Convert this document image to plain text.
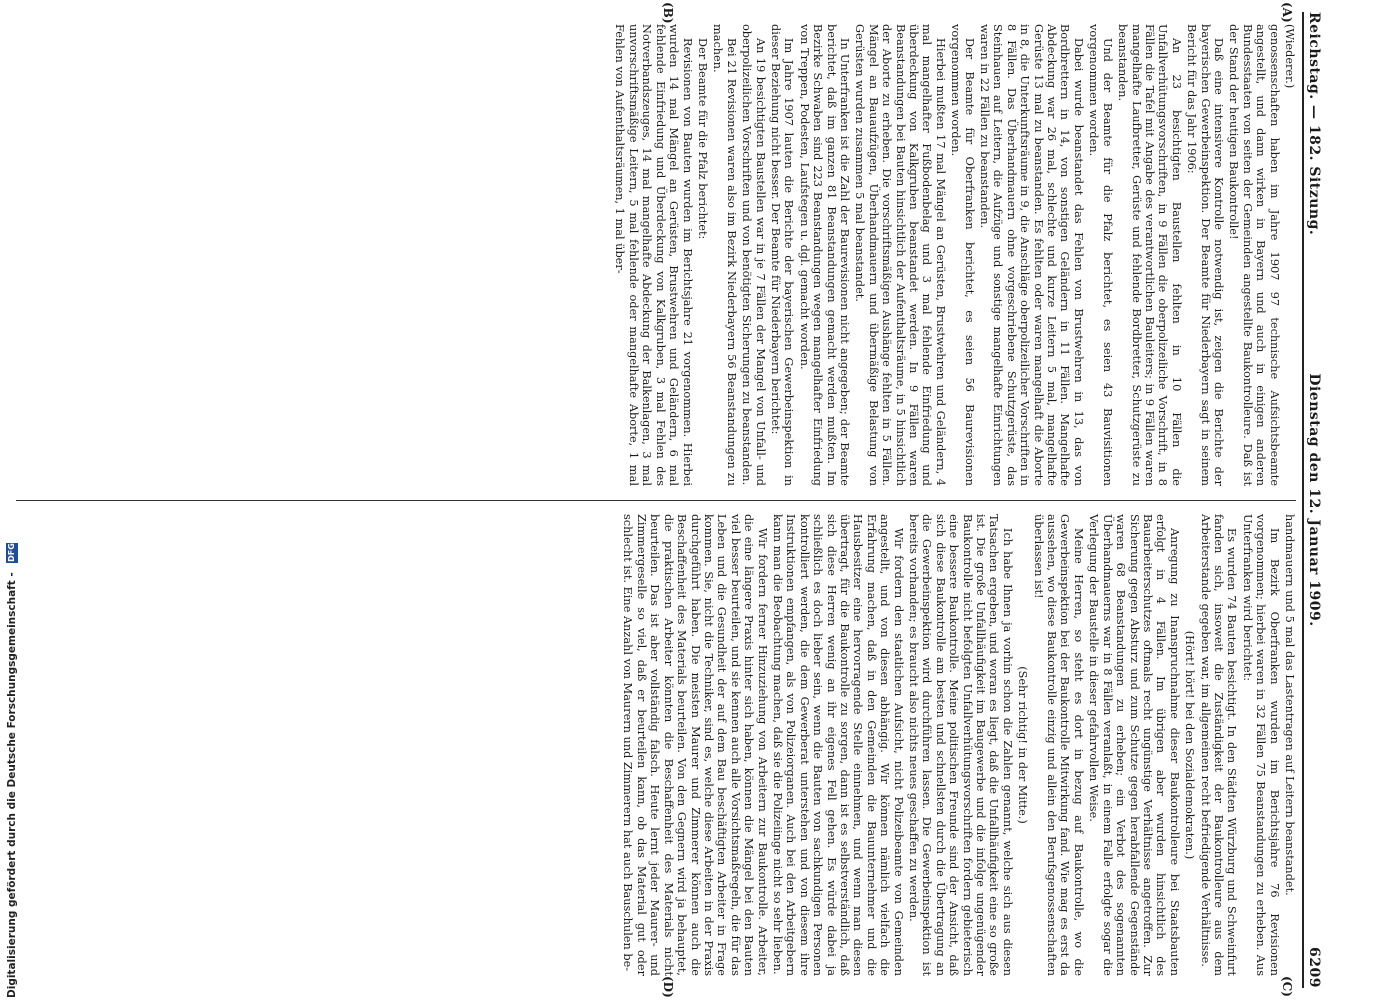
Reichstag. — 182. Sitzung.
Dienstag den 12. Januar 1909.
6209
(A)
(B)
(C)
(D)

(Wiederer.)

genossenschaften haben im Jahre 1907 97 technische Aufsichtsbeamte angestellt, und dann wirken in Bayern und auch in einigen anderen Bundesstaaten von seiten der Gemeinden angestellte Baukontrolleure. Daß ist der Stand der heutigen Baukontrolle!

Daß eine intensivere Kontrolle notwendig ist, zeigen die Berichte der bayerischen Gewerbeinspektion. Der Beamte für Niederbayern sagt in seinem Bericht für das Jahr 1906:

An 23 besichtigten Baustellen fehlten in 10 Fällen die Unfallverhütungsvorschriften, in 9 Fällen die oberpolizeiliche Vorschrift, in 8 Fällen die Tafel mit Angabe des verantwortlichen Bauleiters; in 9 Fällen waren mangelhafte Laufbretter, Gerüste und fehlende Bordbretter, Schutzgerüste zu beanstanden.

Und der Beamte für die Pfalz berichtet, es seien 43 Bauvisitionen vorgenommen worden.

Dabei wurde beanstandet das Fehlen von Brustwehren in 13, das von Bordbrettern in 14, von sonstigen Geländern in 11 Fällen. Mangelhafte Abdeckung war 26 mal, schlechte und kurze Leitern 5 mal, mangelhafte Gerüste 13 mal zu beanstanden. Es fehlten oder waren mangelhaft die Aborte in 8, die Unterkunftsräume in 9, die Anschläge oberpolizeilicher Vorschriften in 8 Fällen. Das Überhandmauern ohne vorgeschriebene Schutzgerüste, das Steinhauen auf Leitern, die Aufzüge und sonstige mangelhafte Einrichtungen waren in 22 Fällen zu beanstanden.

Der Beamte für Oberfranken berichtet, es seien 56 Baurevisionen vorgenommen worden.

Hierbei mußten 17 mal Mängel an Gerüsten, Brustwehren und Geländern, 4 mal mangelhafter Fußbodenbelag und 3 mal fehlende Einfriedung und überdeckung von Kalkgruben beanstandet werden. In 9 Fällen waren Beanstandungen bei Bauten hinsichtlich der Aufenthaltsräume, in 5 hinsichtlich der Aborte zu erheben. Die vorschriftsmäßigen Aushänge fehlten in 5 Fällen. Mängel an Bauaufzügen, Überhandmauern und übermäßige Belastung von Gerüsten wurden zusammen 5 mal beanstandet.

In Unterfranken ist die Zahl der Baurevisionen nicht angegeben; der Beamte berichtet, daß im ganzen 81 Beanstandungen gemacht werden mußten. Im Bezirke Schwaben sind 223 Beanstandungen wegen mangelhafter Einfriedung von Treppen, Podesten, Laufstegen u. dgl. gemacht worden.

Im Jahre 1907 lauten die Berichte der bayerischen Gewerbeinspektion in dieser Beziehung nicht besser. Der Beamte für Niederbayern berichtet:

An 19 besichtigten Baustellen war in je 7 Fällen der Mangel von Unfall- und oberpolizeilichen Vorschriften und von benötigten Sicherungen zu beanstanden.

Bei 21 Revisionen waren also im Bezirk Niederbayern 56 Beanstandungen zu machen.

Der Beamte für die Pfalz berichtet:

Revisionen von Bauten wurden im Berichtsjahre 21 vorgenommen. Hierbei wurden 14 mal Mängel an Gerüsten, Brustwehren und Geländern, 6 mal fehlende Einfriedung und Überdeckung von Kalkgruben, 3 mal Fehlen des Notverbandszeuges, 14 mal mangelhafte Abdeckung der Balkenlagen, 3 mal unvorschriftsmäßige Leitern, 5 mal fehlende oder mangelhafte Aborte, 1 mal Fehlen von Aufenthaltsräumen, 1 mal über-

handmauern und 5 mal das Lastentragen auf Leitern beanstandet.

Im Bezirk Oberfranken wurden im Berichtsjahre 76 Revisionen vorgenommen; hierbei waren in 32 Fällen 75 Beanstandungen zu erheben. Aus Unterfranken wird berichtet:

Es wurden 74 Bauten besichtigt. In den Städten Würzburg und Schweinfurt fanden sich, insoweit die Zuständigkeit der Baukontrolleure aus dem Arbeiterstande gegeben war, im allgemeinen recht befriedigende Verhältnisse.

(Hört! hört! bei den Sozialdemokraten.)

Anregung zu Inanspruchnahme dieser Baukontrolleure bei Staatsbauten erfolgt in 4 Fällen. Im übrigen aber wurden hinsichtlich des Bauarbeiterschutzes oftmals recht ungünstige Verhältnisse angetroffen. Zur Sicherung gegen Absturz und zum Schutze gegen herabfallende Gegenstände waren 68 Beanstandungen zu erheben; ein Verbot des sogenannten Überhandmauerns war in 8 Fällen veranlaßt, in einem Falle erfolgte sogar die Verlegung der Baustelle in dieser gefahrvollen Weise.

Meine Herren, so steht es dort in bezug auf Baukontrolle, wo die Gewerbeinspektion bei der Baukontrolle Mitwirkung fand. Wie mag es erst da aussehen, wo diese Baukontrolle einzig und allein den Berufsgenossenschaften überlassen ist!

(Sehr richtig! in der Mitte.)

Ich habe Ihnen ja vorhin schon die Zahlen genannt, welche sich aus diesen Tatsachen ergeben, und woran es liegt, daß die Unfallhäufigkeit eine so große ist. Die große Unfallhäufigkeit im Baugewerbe und die infolge ungenügender Baukontrolle nicht befolgten Unfallverhütungsvorschriften fordern gebieterisch eine bessere Baukontrolle. Meine politischen Freunde sind der Ansicht, daß sich diese Baukontrolle am besten und schnellsten durch die Übertragung an die Gewerbeinspektion wird durchführen lassen. Die Gewerbeinspektion ist bereits vorhanden; es braucht also nichts neues geschaffen zu werden.

Wir fordern den staatlichen Aufsicht, nicht Polizeibeamte von Gemeinden angestellt, und von diesen abhängig. Wir können nämlich vielfach die Erfahrung machen, daß in den Gemeinden die Bauunternehmer und die Hausbesitzer eine hervorragende Stelle einnehmen, und wenn man diesen übertragt, für die Baukontrolle zu sorgen, dann ist es selbstverständlich, daß sich diese Herren wenig an ihr eigenes Fell gehen. Es würde dabei ja schließlich es doch lieber sein, wenn die Bauten von sachkundigen Personen kontrolliert werden, die dem Gewerberat unterstehen und von diesem ihre Instruktionen empfangen, als von Polizeiorganen. Auch bei den Arbeitgebern kann man die Beobachtung machen, daß sie die Polizeiinge nicht so sehr lieben.

Wir fordern ferner Hinzuziehung von Arbeitern zur Baukontrolle. Arbeiter, die eine längere Praxis hinter sich haben, können die Mängel bei den Bauten viel besser beurteilen, und sie kennen auch alle Vorsichtsmaßregeln, die für das Leben und die Gesundheit der auf dem Bau beschäftigten Arbeiter in Frage kommen. Sie, nicht die Techniker, sind es, welche diese Arbeiten in der Praxis durchgeführt haben. Die meisten Maurer und Zimmerer können auch die Beschaffenheit des Materials beurteilen. Von den Gegnern wird ja behauptet, die praktischen Arbeiter könnten die Beschaffenheit des Materials nicht beurteilen. Das ist aber vollständig falsch. Heute lernt jeder Maurer- und Zimmergeselle so viel, daß er beurteilen kann, ob das Material gut oder schlecht ist. Eine Anzahl von Maurern und Zimmerern hat auch Bauschulen be-

Digitalisierung gefördert durch die Deutsche Forschungsgemeinschaft - DFG
